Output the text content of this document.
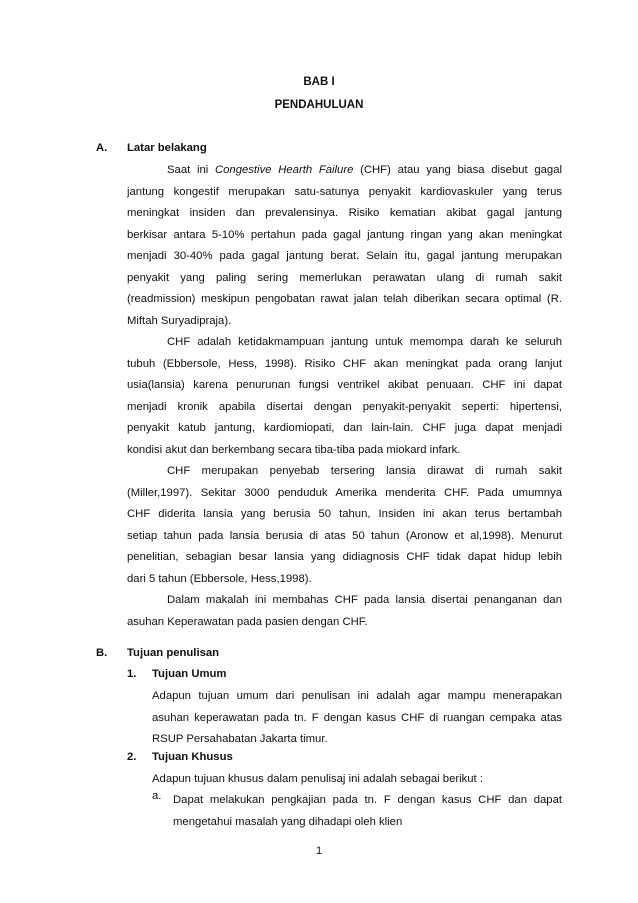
BAB I
PENDAHULUAN
A. Latar belakang
Saat ini Congestive Hearth Failure (CHF) atau yang biasa disebut gagal
jantung kongestif merupakan satu-satunya penyakit kardiovaskuler yang terus
meningkat insiden dan prevalensinya. Risiko kematian akibat gagal jantung
berkisar antara 5-10% pertahun pada gagal jantung ringan yang akan meningkat
menjadi 30-40% pada gagal jantung berat. Selain itu, gagal jantung merupakan
penyakit yang paling sering memerlukan perawatan ulang di rumah sakit
(readmission) meskipun pengobatan rawat jalan telah diberikan secara optimal (R.
Miftah Suryadipraja).
CHF adalah ketidakmampuan jantung untuk memompa darah ke seluruh
tubuh (Ebbersole, Hess, 1998). Risiko CHF akan meningkat pada orang lanjut
usia(lansia) karena penurunan fungsi ventrikel akibat penuaan. CHF ini dapat
menjadi kronik apabila disertai dengan penyakit-penyakit seperti: hipertensi,
penyakit katub jantung, kardiomiopati, dan lain-lain. CHF juga dapat menjadi
kondisi akut dan berkembang secara tiba-tiba pada miokard infark.
CHF merupakan penyebab tersering lansia dirawat di rumah sakit
(Miller,1997). Sekitar 3000 penduduk Amerika menderita CHF. Pada umumnya
CHF diderita lansia yang berusia 50 tahun, Insiden ini akan terus bertambah
setiap tahun pada lansia berusia di atas 50 tahun (Aronow et al,1998). Menurut
penelitian, sebagian besar lansia yang didiagnosis CHF tidak dapat hidup lebih
dari 5 tahun (Ebbersole, Hess,1998).
Dalam makalah ini membahas CHF pada lansia disertai penanganan dan
asuhan Keperawatan pada pasien dengan CHF.
B. Tujuan penulisan
1. Tujuan Umum
Adapun tujuan umum dari penulisan ini adalah agar mampu menerapakan
asuhan keperawatan pada tn. F dengan kasus CHF di ruangan cempaka atas
RSUP Persahabatan Jakarta timur.
1
2. Tujuan Khusus
Adapun tujuan khusus dalam penulisaj ini adalah sebagai berikut :
a. Dapat melakukan pengkajian pada tn. F dengan kasus CHF dan dapat
mengetahui masalah yang dihadapi oleh klien
